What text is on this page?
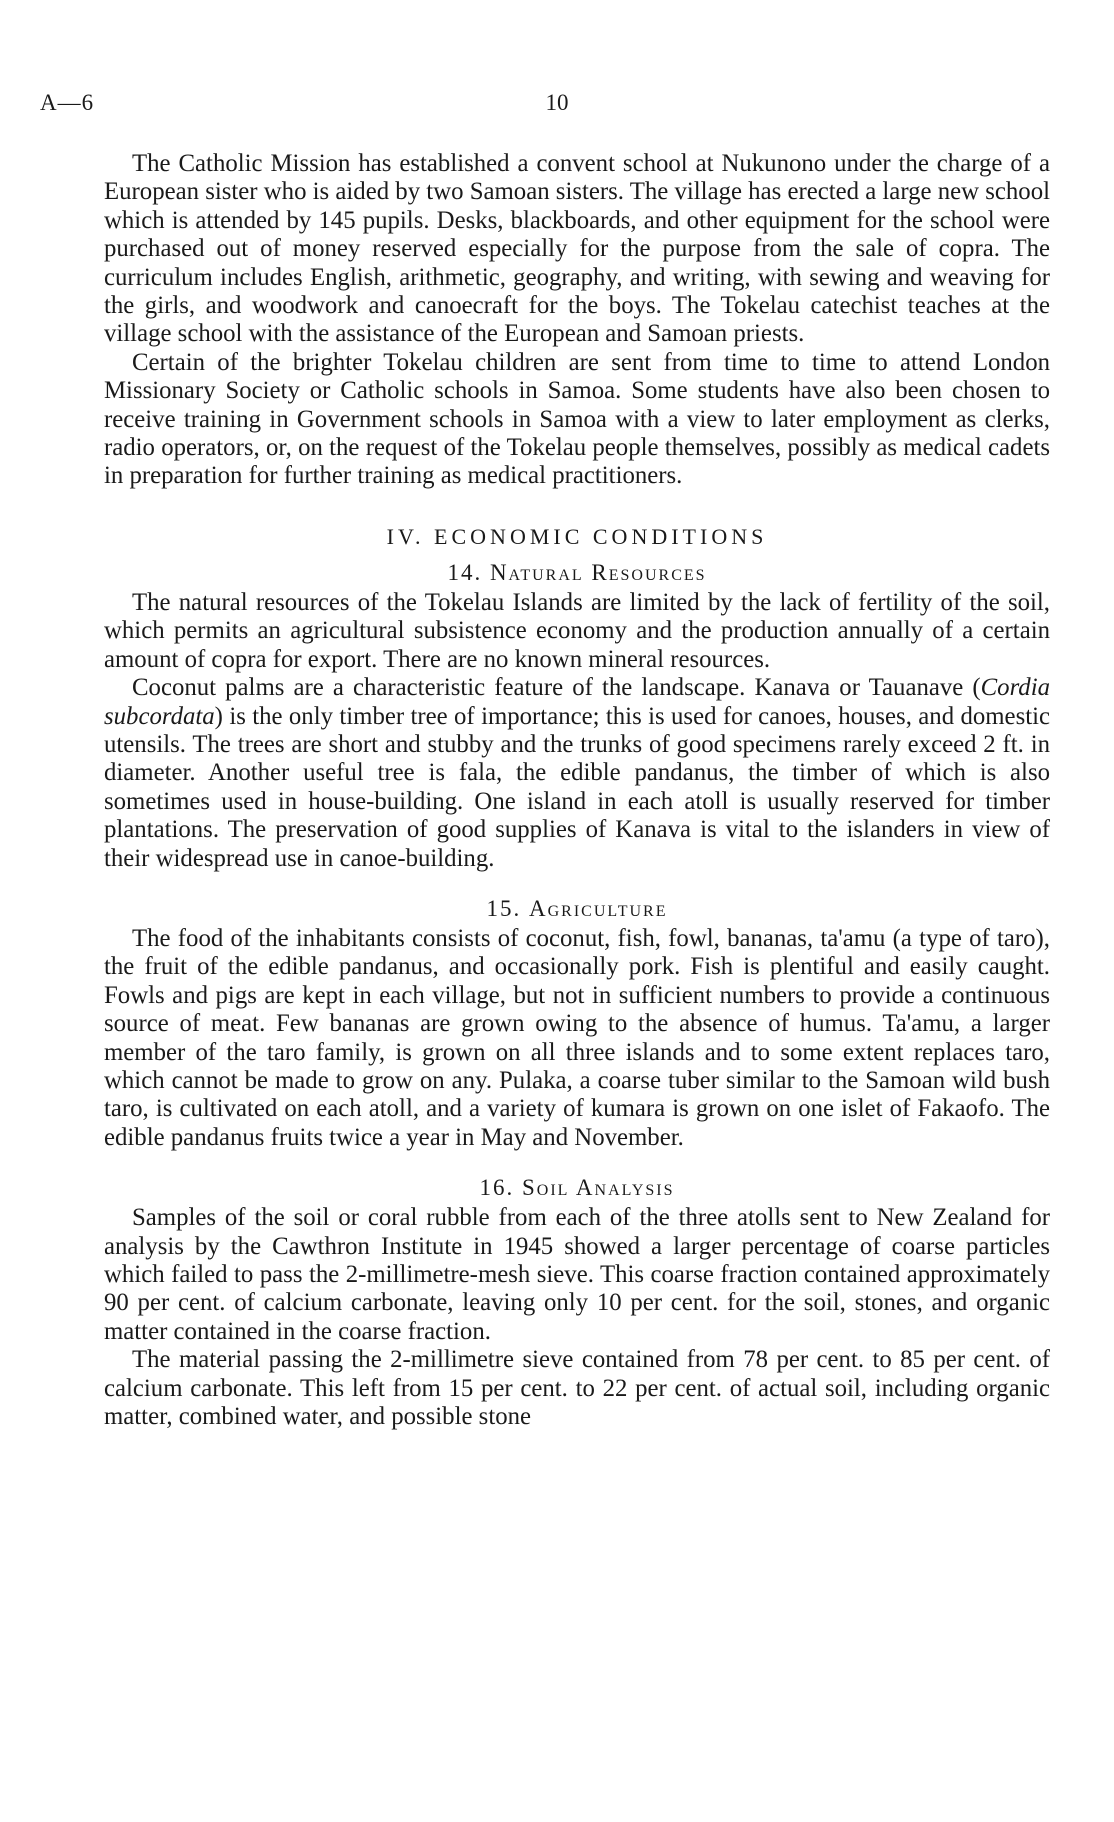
A—6	10

The Catholic Mission has established a convent school at Nukunono under the charge of a European sister who is aided by two Samoan sisters. The village has erected a large new school which is attended by 145 pupils. Desks, blackboards, and other equipment for the school were purchased out of money reserved especially for the purpose from the sale of copra. The curriculum includes English, arithmetic, geography, and writing, with sewing and weaving for the girls, and woodwork and canoecraft for the boys. The Tokelau catechist teaches at the village school with the assistance of the European and Samoan priests.

Certain of the brighter Tokelau children are sent from time to time to attend London Missionary Society or Catholic schools in Samoa. Some students have also been chosen to receive training in Government schools in Samoa with a view to later employment as clerks, radio operators, or, on the request of the Tokelau people themselves, possibly as medical cadets in preparation for further training as medical practitioners.

IV. ECONOMIC CONDITIONS
14. Natural Resources

The natural resources of the Tokelau Islands are limited by the lack of fertility of the soil, which permits an agricultural subsistence economy and the production annually of a certain amount of copra for export. There are no known mineral resources.

Coconut palms are a characteristic feature of the landscape. Kanava or Tauanave (Cordia subcordata) is the only timber tree of importance; this is used for canoes, houses, and domestic utensils. The trees are short and stubby and the trunks of good specimens rarely exceed 2 ft. in diameter. Another useful tree is fala, the edible pandanus, the timber of which is also sometimes used in house-building. One island in each atoll is usually reserved for timber plantations. The preservation of good supplies of Kanava is vital to the islanders in view of their widespread use in canoe-building.

15. Agriculture

The food of the inhabitants consists of coconut, fish, fowl, bananas, ta'amu (a type of taro), the fruit of the edible pandanus, and occasionally pork. Fish is plentiful and easily caught. Fowls and pigs are kept in each village, but not in sufficient numbers to provide a continuous source of meat. Few bananas are grown owing to the absence of humus. Ta'amu, a larger member of the taro family, is grown on all three islands and to some extent replaces taro, which cannot be made to grow on any. Pulaka, a coarse tuber similar to the Samoan wild bush taro, is cultivated on each atoll, and a variety of kumara is grown on one islet of Fakaofo. The edible pandanus fruits twice a year in May and November.

16. Soil Analysis

Samples of the soil or coral rubble from each of the three atolls sent to New Zealand for analysis by the Cawthron Institute in 1945 showed a larger percentage of coarse particles which failed to pass the 2-millimetre-mesh sieve. This coarse fraction contained approximately 90 per cent. of calcium carbonate, leaving only 10 per cent. for the soil, stones, and organic matter contained in the coarse fraction.

The material passing the 2-millimetre sieve contained from 78 per cent. to 85 per cent. of calcium carbonate. This left from 15 per cent. to 22 per cent. of actual soil, including organic matter, combined water, and possible stone
